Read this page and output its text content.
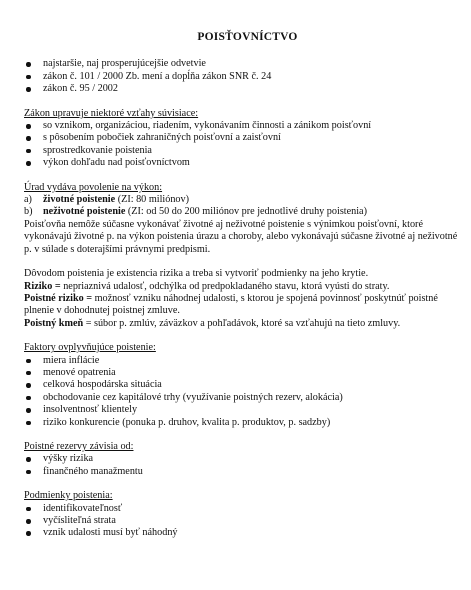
POISŤOVNÍCTVO
najstaršie, naj prosperujúcejšie odvetvie
zákon č. 101 / 2000 Zb. mení a dopĺňa zákon SNR č. 24
zákon č. 95 / 2002
Zákon upravuje niektoré vzťahy súvisiace:
so vznikom, organizáciou, riadením, vykonávaním činnosti a zánikom poisťovní
s pôsobením pobočiek zahraničných poisťovní a zaisťovní
sprostredkovanie poistenia
výkon dohľadu nad poisťovníctvom
Úrad vydáva povolenie na výkon:
a) životné poistenie (ZI: 80 miliónov)
b) neživotné poistenie (ZI: od 50 do 200 miliónov pre jednotlivé druhy poistenia)

Poisťovňa nemôže súčasne vykonávať životné aj neživotné poistenie s výnimkou poisťovní, ktoré vykonávajú životné p. na výkon poistenia úrazu a choroby, alebo vykonávajú súčasne životné aj neživotné p. v súlade s doterajšími právnymi predpismi.

Dôvodom poistenia je existencia rizika a treba si vytvoriť podmienky na jeho krytie.

Riziko = nepriaznivá udalosť, odchýlka od predpokladaného stavu, ktorá vyústi do straty.

Poistné riziko = možnosť vzniku náhodnej udalosti, s ktorou je spojená povinnosť poskytnúť poistné plnenie v dohodnutej poistnej zmluve.

Poistný kmeň = súbor p. zmlúv, záväzkov a pohľadávok, ktoré sa vzťahujú na tieto zmluvy.

Faktory ovplyvňujúce poistenie:
miera inflácie
menové opatrenia
celková hospodárska situácia
obchodovanie cez kapitálové trhy (využívanie poistných rezerv, alokácia)
insolventnosť klientely
riziko konkurencie (ponuka p. druhov, kvalita p. produktov, p. sadzby)
Poistné rezervy závisia od:
výšky rizika
finančného manažmentu
Podmienky poistenia:
identifikovateľnosť
vyčísliteľná strata
vznik udalosti musí byť náhodný
